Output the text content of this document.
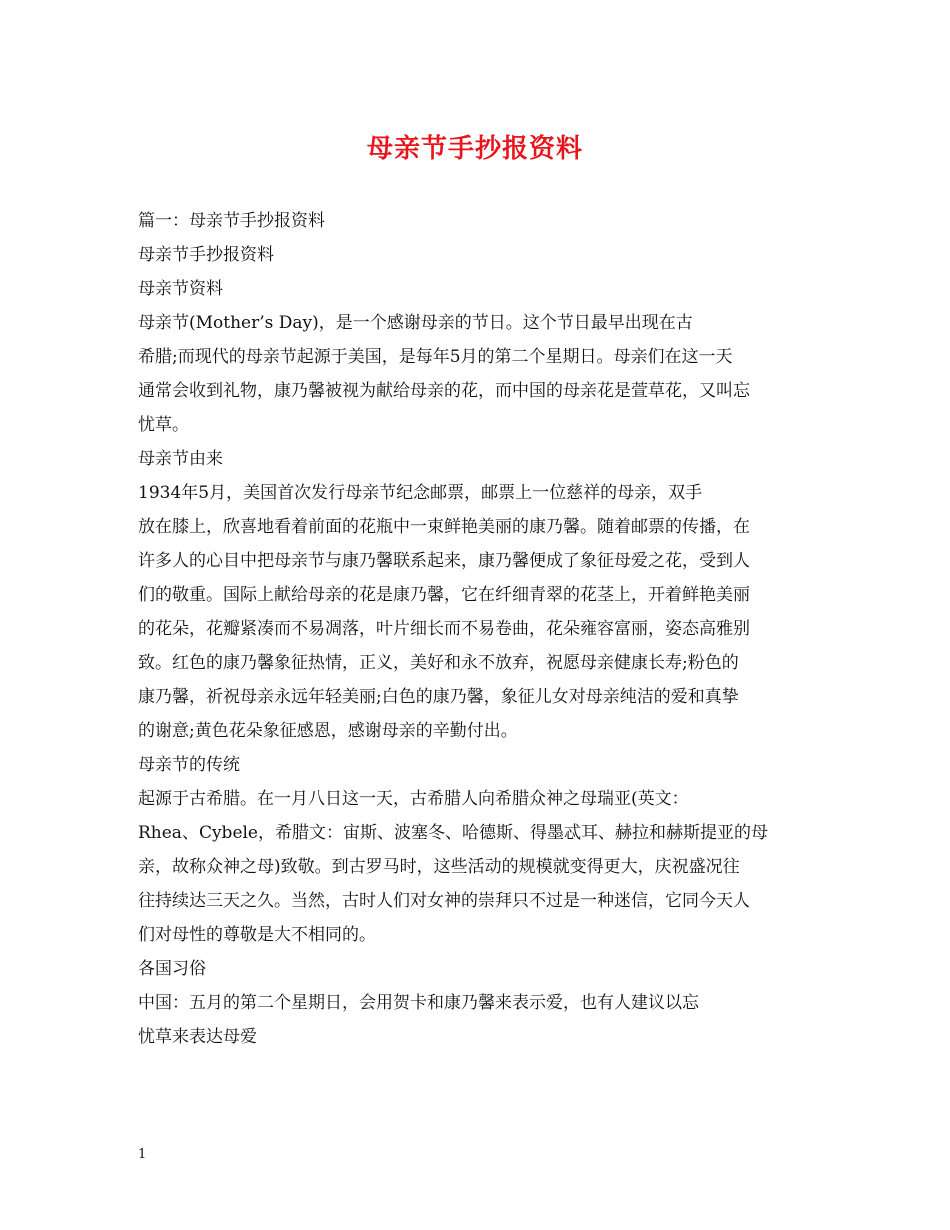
母亲节手抄报资料
篇一：母亲节手抄报资料
母亲节手抄报资料
母亲节资料
母亲节(Mother’s Day)，是一个感谢母亲的节日。这个节日最早出现在古
希腊;而现代的母亲节起源于美国，是每年5月的第二个星期日。母亲们在这一天
通常会收到礼物，康乃馨被视为献给母亲的花，而中国的母亲花是萱草花，又叫忘
忧草。
母亲节由来
1934年5月，美国首次发行母亲节纪念邮票，邮票上一位慈祥的母亲，双手
放在膝上，欣喜地看着前面的花瓶中一束鲜艳美丽的康乃馨。随着邮票的传播，在
许多人的心目中把母亲节与康乃馨联系起来，康乃馨便成了象征母爱之花，受到人
们的敬重。国际上献给母亲的花是康乃馨，它在纤细青翠的花茎上，开着鲜艳美丽
的花朵，花瓣紧凑而不易凋落，叶片细长而不易卷曲，花朵雍容富丽，姿态高雅别
致。红色的康乃馨象征热情，正义，美好和永不放弃，祝愿母亲健康长寿;粉色的
康乃馨，祈祝母亲永远年轻美丽;白色的康乃馨，象征儿女对母亲纯洁的爱和真挚
的谢意;黄色花朵象征感恩，感谢母亲的辛勤付出。
母亲节的传统
起源于古希腊。在一月八日这一天，古希腊人向希腊众神之母瑞亚(英文：
Rhea、Cybele，希腊文：宙斯、波塞冬、哈德斯、得墨忒耳、赫拉和赫斯提亚的母
亲，故称众神之母)致敬。到古罗马时，这些活动的规模就变得更大，庆祝盛况往
往持续达三天之久。当然，古时人们对女神的崇拜只不过是一种迷信，它同今天人
们对母性的尊敬是大不相同的。
各国习俗
中国：五月的第二个星期日，会用贺卡和康乃馨来表示爱，也有人建议以忘
忧草来表达母爱
1
